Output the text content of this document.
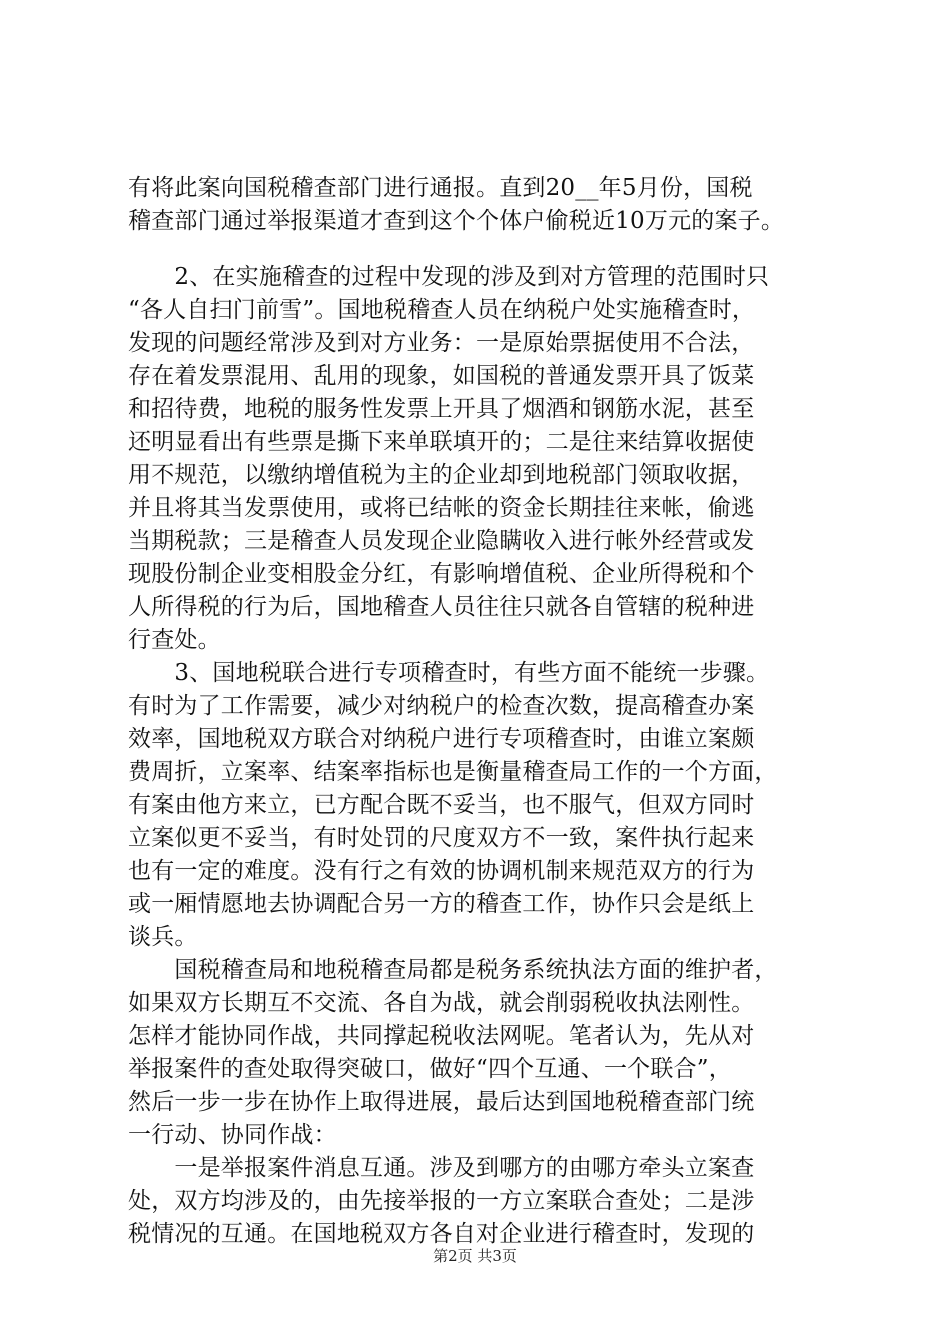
有将此案向国税稽查部门进行通报。直到20__年5月份，国税
稽查部门通过举报渠道才查到这个个体户偷税近10万元的案子。
　　2、在实施稽查的过程中发现的涉及到对方管理的范围时只
“各人自扫门前雪”。国地税稽查人员在纳税户处实施稽查时，
发现的问题经常涉及到对方业务：一是原始票据使用不合法，
存在着发票混用、乱用的现象，如国税的普通发票开具了饭菜
和招待费，地税的服务性发票上开具了烟酒和钢筋水泥，甚至
还明显看出有些票是撕下来单联填开的；二是往来结算收据使
用不规范，以缴纳增值税为主的企业却到地税部门领取收据，
并且将其当发票使用，或将已结帐的资金长期挂往来帐，偷逃
当期税款；三是稽查人员发现企业隐瞒收入进行帐外经营或发
现股份制企业变相股金分红，有影响增值税、企业所得税和个
人所得税的行为后，国地稽查人员往往只就各自管辖的税种进
行查处。
　　3、国地税联合进行专项稽查时，有些方面不能统一步骤。
有时为了工作需要，减少对纳税户的检查次数，提高稽查办案
效率，国地税双方联合对纳税户进行专项稽查时，由谁立案颇
费周折，立案率、结案率指标也是衡量稽查局工作的一个方面，
有案由他方来立，已方配合既不妥当，也不服气，但双方同时
立案似更不妥当，有时处罚的尺度双方不一致，案件执行起来
也有一定的难度。没有行之有效的协调机制来规范双方的行为
或一厢情愿地去协调配合另一方的稽查工作，协作只会是纸上
谈兵。
　　国税稽查局和地税稽查局都是税务系统执法方面的维护者，
如果双方长期互不交流、各自为战，就会削弱税收执法刚性。
怎样才能协同作战，共同撑起税收法网呢。笔者认为，先从对
举报案件的查处取得突破口，做好“四个互通、一个联合”，
然后一步一步在协作上取得进展，最后达到国地税稽查部门统
一行动、协同作战：
　　一是举报案件消息互通。涉及到哪方的由哪方牵头立案查
处，双方均涉及的，由先接举报的一方立案联合查处；二是涉
税情况的互通。在国地税双方各自对企业进行稽查时，发现的
第2页 共3页
